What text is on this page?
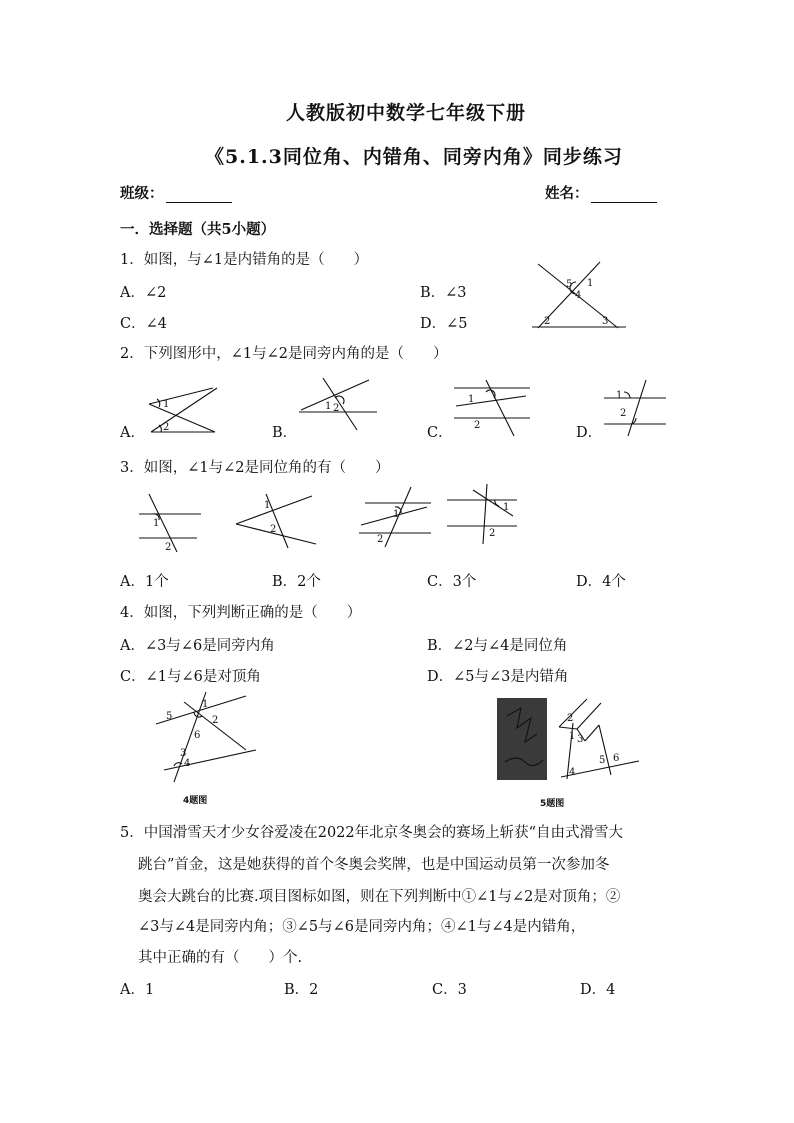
人教版初中数学七年级下册
《5.1.3同位角、内错角、同旁内角》同步练习
班级：	姓名：
一．选择题（共5小题）
1．如图，与∠1是内错角的是（　　）
A．∠2	B．∠3
C．∠4	D．∠5
5 1
4
2	3
2．下列图形中，∠1与∠2是同旁内角的是（　　）
1
2
A．
1 2
B．
1
2
C．
1
2
D．
3．如图，∠1与∠2是同位角的有（　　）
1
2
1
2
1
2
1
2
A．1个	B．2个	C．3个	D．4个
4．如图，下列判断正确的是（　　）
A．∠3与∠6是同旁内角	B．∠2与∠4是同位角
C．∠1与∠6是对顶角	D．∠5与∠3是内错角
1
2
3
4
5
6
4题图
2
1 3
4
5 6
5题图
5．中国滑雪天才少女谷爱凌在2022年北京冬奥会的赛场上斩获“自由式滑雪大
跳台”首金，这是她获得的首个冬奥会奖牌，也是中国运动员第一次参加冬
奥会大跳台的比赛.项目图标如图，则在下列判断中①∠1与∠2是对顶角；②
∠3与∠4是同旁内角；③∠5与∠6是同旁内角；④∠1与∠4是内错角，
其中正确的有（　　）个.
A．1	B．2	C．3	D．4
